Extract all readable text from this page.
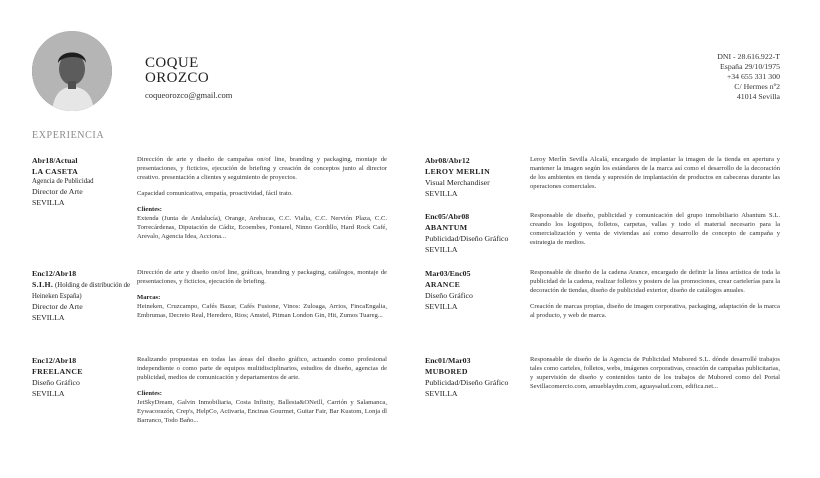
COQUE
OROZCO
coqueorozco@gmail.com
DNI - 28.616.922-T
España 29/10/1975
+34 655 331 300
C/ Hermes nº2
41014 Sevilla
EXPERIENCIA
Abr18/Actual
LA CASETA
Agencia de Publicidad
Director de Arte
SEVILLA

Dirección de arte y diseño de campañas on/of line, branding y packaging, montaje de presentaciones, y ficticios, ejecución de briefing y creación de conceptos junto al director creativo. presentación a clientes y seguimiento de proyectos.

Capacidad comunicativa, empatía, proactividad, fácil trato.

Clientes:

Extenda (Junta de Andalucía), Orange, Arehucas, C.C. Vialia, C.C. Nervión Plaza, C.C. Torrecárdenas, Diputación de Cádiz, Ecoembes, Fontarel, Ninno Gordillo, Hard Rock Café, Arevalo, Agencia Idea, Acciona...

Abr08/Abr12
LEROY MERLIN
Visual Merchandiser
SEVILLA

Leroy Merlín Sevilla Alcalá, encargado de implantar la imagen de la tienda en apertura y mantener la imagen según los estándares de la marca así como el desarrollo de la decoración de los ambientes en tienda y supresión de implantación de productos en cabeceras durante las operaciones comerciales.

Enc05/Abr08
ABANTUM
Publicidad/Diseño Gráfico
SEVILLA

Responsable de diseño, publicidad y comunicación del grupo inmobiliario Abantum S.L. creando los logotipos, folletos, carpetas, vallas y todo el material necesario para la comercialización y venta de viviendas así como desarrollo de concepto de campaña y estrategia de medios.

Enc12/Abr18
S.I.H. (Holding de distribución de Heineken España)
Director de Arte
SEVILLA

Dirección de arte y diseño on/of line, gráficas, branding y packaging, catálogos, montaje de presentaciones, y ficticios, ejecución de briefing.

Marcas:

Heineken, Cruzcampo, Cafés Bazar, Cafés Fusione, Vinos: Zuloaga, Arrios, FincaEngalia, Embrumas, Decreto Real, Heredero, Rios; Amstel, Pitman London Gin, Hit, Zumos Tuareg...

Mar03/Enc05
ARANCE
Diseño Gráfico
SEVILLA

Responsable de diseño de la cadena Arance, encargado de definir la línea artística de toda la publicidad de la cadena, realizar folletos y posters de las promociones, crear cartelerías para la decoración de tiendas, diseño de publicidad exterior, diseño de catálogos anuales.

Creación de marcas propias, diseño de imagen corporativa, packaging, adaptación de la marca al producto, y web de marca.

Enc12/Abr18
FREELANCE
Diseño Gráfico
SEVILLA

Realizando propuestas en todas las áreas del diseño gráfico, actuando como profesional independiente o como parte de equipos multidisciplinarios, estudios de diseño, agencias de publicidad, medios de comunicación y departamentos de arte.

Clientes:

JetSkyDream, Galvin Inmobiliaria, Costa Infinity, Ballesta&ONeill, Carrión y Salamanca, Eywacorazón, Crep's, HelpCo, Activaria, Encinas Gourmet, Guitar Fair, Bar Kustom, Lonja dl Barranco, Todo Baño...

Enc01/Mar03
MUBORED
Publicidad/Diseño Gráfico
SEVILLA

Responsable de diseño de la Agencia de Publicidad Mubored S.L. dónde desarrollé trabajos tales como carteles, folletos, webs, imágenes corporativas, creación de campañas publicitarias, y supervisión de diseño y contenidos tanto de los trabajos de Mubored como del Portal Sevillacomercio.com, amueblaydm.com, aguaysalud.com, edifica.net...
